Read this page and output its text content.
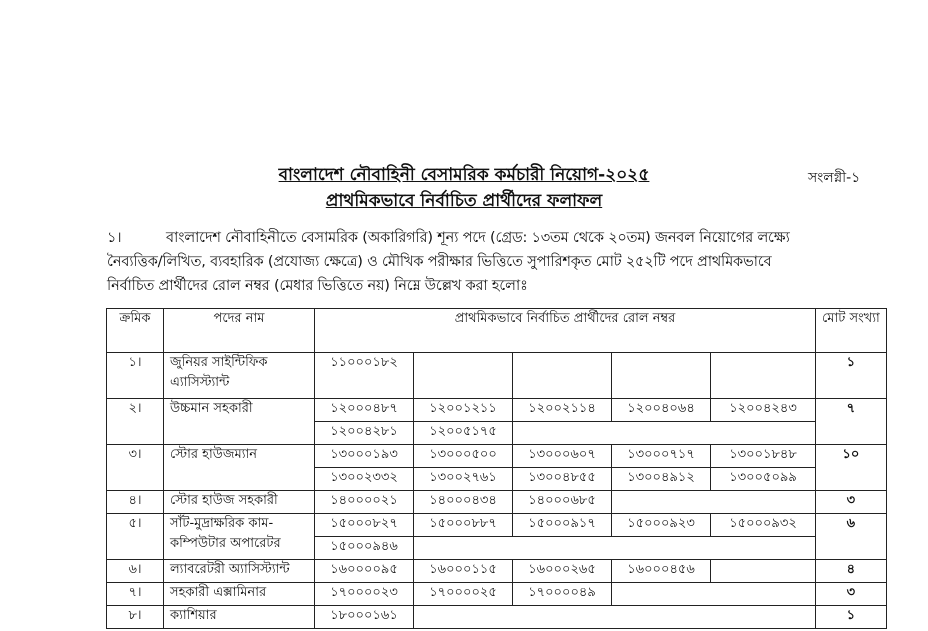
বাংলাদেশ নৌবাহিনী বেসামরিক কর্মচারী নিয়োগ-২০২৫
প্রাথমিকভাবে নির্বাচিত প্রার্থীদের ফলাফল
সংলগ্নী-১
১।	বাংলাদেশ নৌবাহিনীতে বেসামরিক (অকারিগরি) শূন্য পদে (গ্রেড: ১৩তম থেকে ২০তম) জনবল নিয়োগের লক্ষ্যে
নৈব্যত্তিক/লিখিত, ব্যবহারিক (প্রযোজ্য ক্ষেত্রে) ও মৌখিক পরীক্ষার ভিত্তিতে সুপারিশকৃত মোট ২৫২টি পদে প্রাথমিকভাবে
নির্বাচিত প্রার্থীদের রোল নম্বর (মেধার ভিত্তিতে নয়) নিম্নে উল্লেখ করা হলোঃ
ক্রমিক	পদের নাম	প্রাথমিকভাবে নির্বাচিত প্রার্থীদের রোল নম্বর					মোট সংখ্যা
১।	জুনিয়র সাইন্টিফিক এ্যাসিস্ট্যান্ট	১১০০০১৮২					১
২।	উচ্চমান সহকারী	১২০০০৪৮৭	১২০০১২১১	১২০০২১১৪	১২০০৪০৬৪	১২০০৪২৪৩	৭
		১২০০৪২৮১	১২০০৫১৭৫				
৩।	স্টোর হাউজম্যান	১৩০০০১৯৩	১৩০০০৫০০	১৩০০০৬০৭	১৩০০০৭১৭	১৩০০১৮৪৮	১০
		১৩০০২৩৩২	১৩০০২৭৬১	১৩০০৪৮৫৫	১৩০০৪৯১২	১৩০০৫০৯৯	
৪।	স্টোর হাউজ সহকারী	১৪০০০০২১	১৪০০০৪৩৪	১৪০০০৬৮৫			৩
৫।	সাঁট-মুদ্রাক্ষরিক কাম-
কম্পিউটার অপারেটর	১৫০০০৮২৭	১৫০০০৮৮৭	১৫০০০৯১৭	১৫০০০৯২৩	১৫০০০৯৩২	৬
		১৫০০০৯৪৬					
৬।	ল্যাবরেটরী অ্যাসিস্ট্যান্ট	১৬০০০০৯৫	১৬০০০১১৫	১৬০০০২৬৫	১৬০০০৪৫৬		৪
৭।	সহকারী এক্সামিনার	১৭০০০০২৩	১৭০০০০২৫	১৭০০০০৪৯			৩
৮।	ক্যাশিয়ার	১৮০০০১৬১					১
